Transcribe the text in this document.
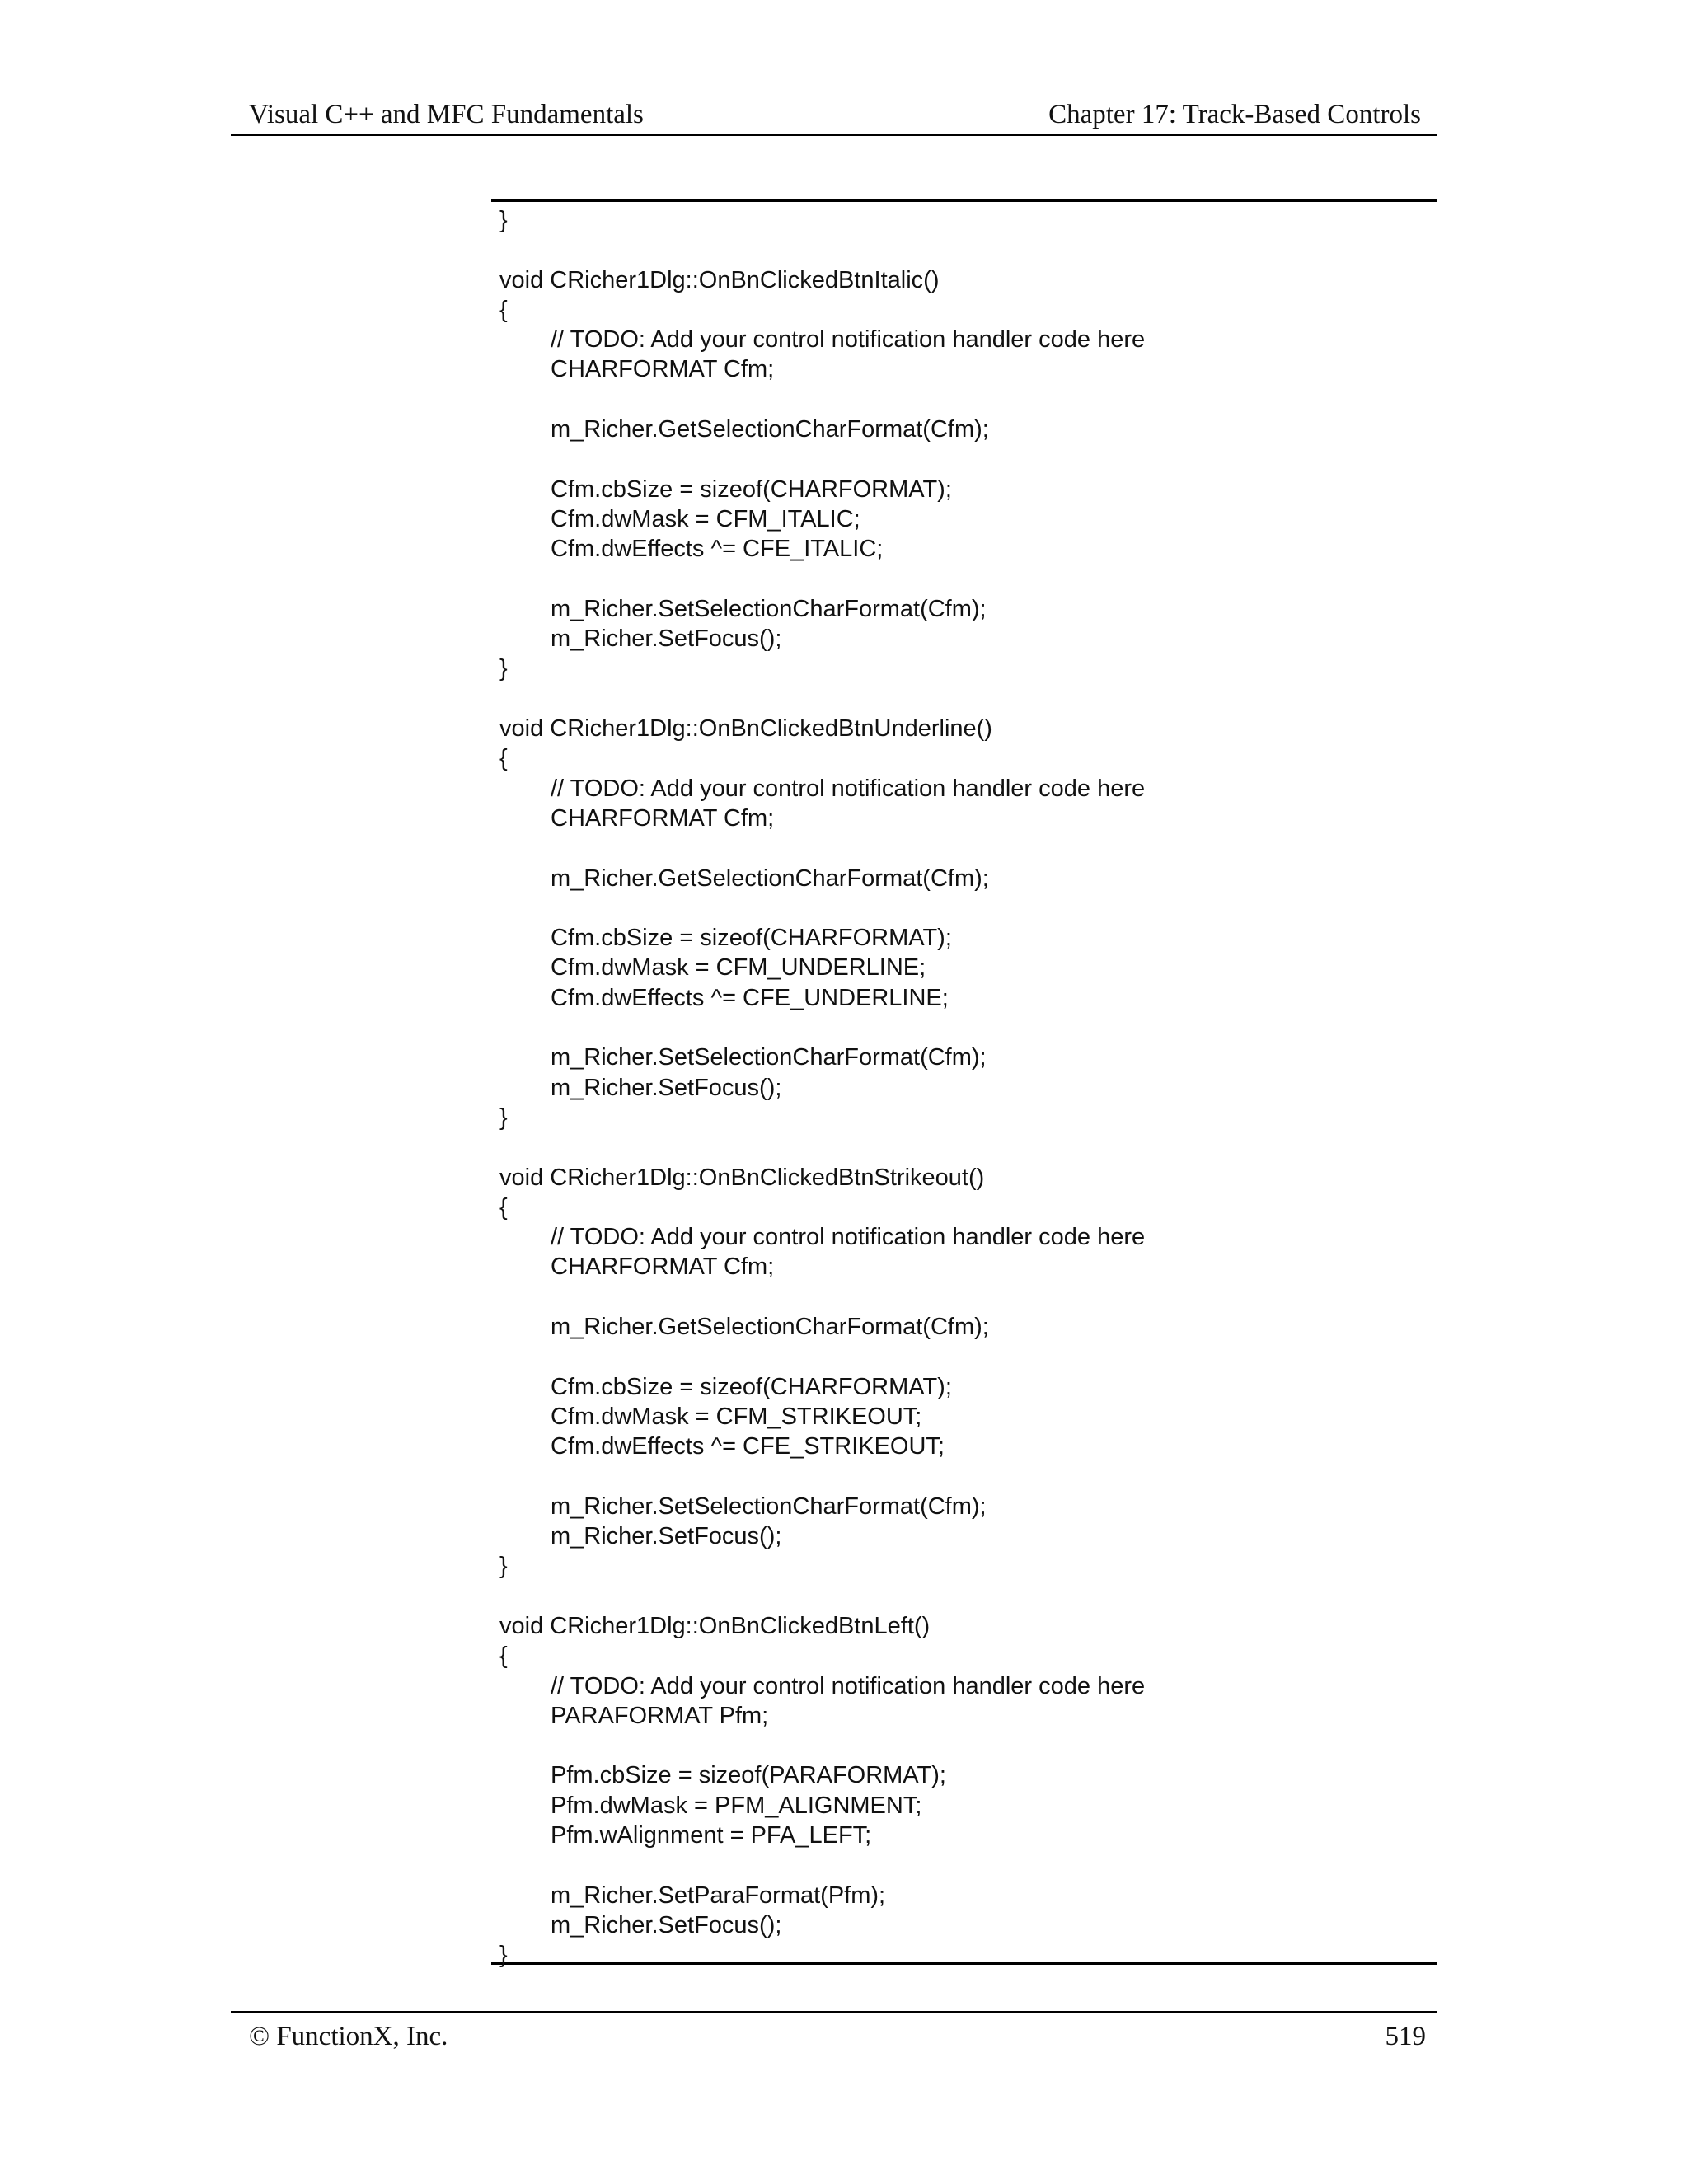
Visual C++ and MFC Fundamentals	Chapter 17: Track-Based Controls
}
void CRicher1Dlg::OnBnClickedBtnItalic()
{
// TODO: Add your control notification handler code here
CHARFORMAT Cfm;
m_Richer.GetSelectionCharFormat(Cfm);
Cfm.cbSize = sizeof(CHARFORMAT);
Cfm.dwMask = CFM_ITALIC;
Cfm.dwEffects ^= CFE_ITALIC;
m_Richer.SetSelectionCharFormat(Cfm);
m_Richer.SetFocus();
}
void CRicher1Dlg::OnBnClickedBtnUnderline()
{
// TODO: Add your control notification handler code here
CHARFORMAT Cfm;
m_Richer.GetSelectionCharFormat(Cfm);
Cfm.cbSize = sizeof(CHARFORMAT);
Cfm.dwMask = CFM_UNDERLINE;
Cfm.dwEffects ^= CFE_UNDERLINE;
m_Richer.SetSelectionCharFormat(Cfm);
m_Richer.SetFocus();
}
void CRicher1Dlg::OnBnClickedBtnStrikeout()
{
// TODO: Add your control notification handler code here
CHARFORMAT Cfm;
m_Richer.GetSelectionCharFormat(Cfm);
Cfm.cbSize = sizeof(CHARFORMAT);
Cfm.dwMask = CFM_STRIKEOUT;
Cfm.dwEffects ^= CFE_STRIKEOUT;
m_Richer.SetSelectionCharFormat(Cfm);
m_Richer.SetFocus();
}
void CRicher1Dlg::OnBnClickedBtnLeft()
{
// TODO: Add your control notification handler code here
PARAFORMAT Pfm;
Pfm.cbSize = sizeof(PARAFORMAT);
Pfm.dwMask = PFM_ALIGNMENT;
Pfm.wAlignment = PFA_LEFT;
m_Richer.SetParaFormat(Pfm);
m_Richer.SetFocus();
}
© FunctionX, Inc.	519
